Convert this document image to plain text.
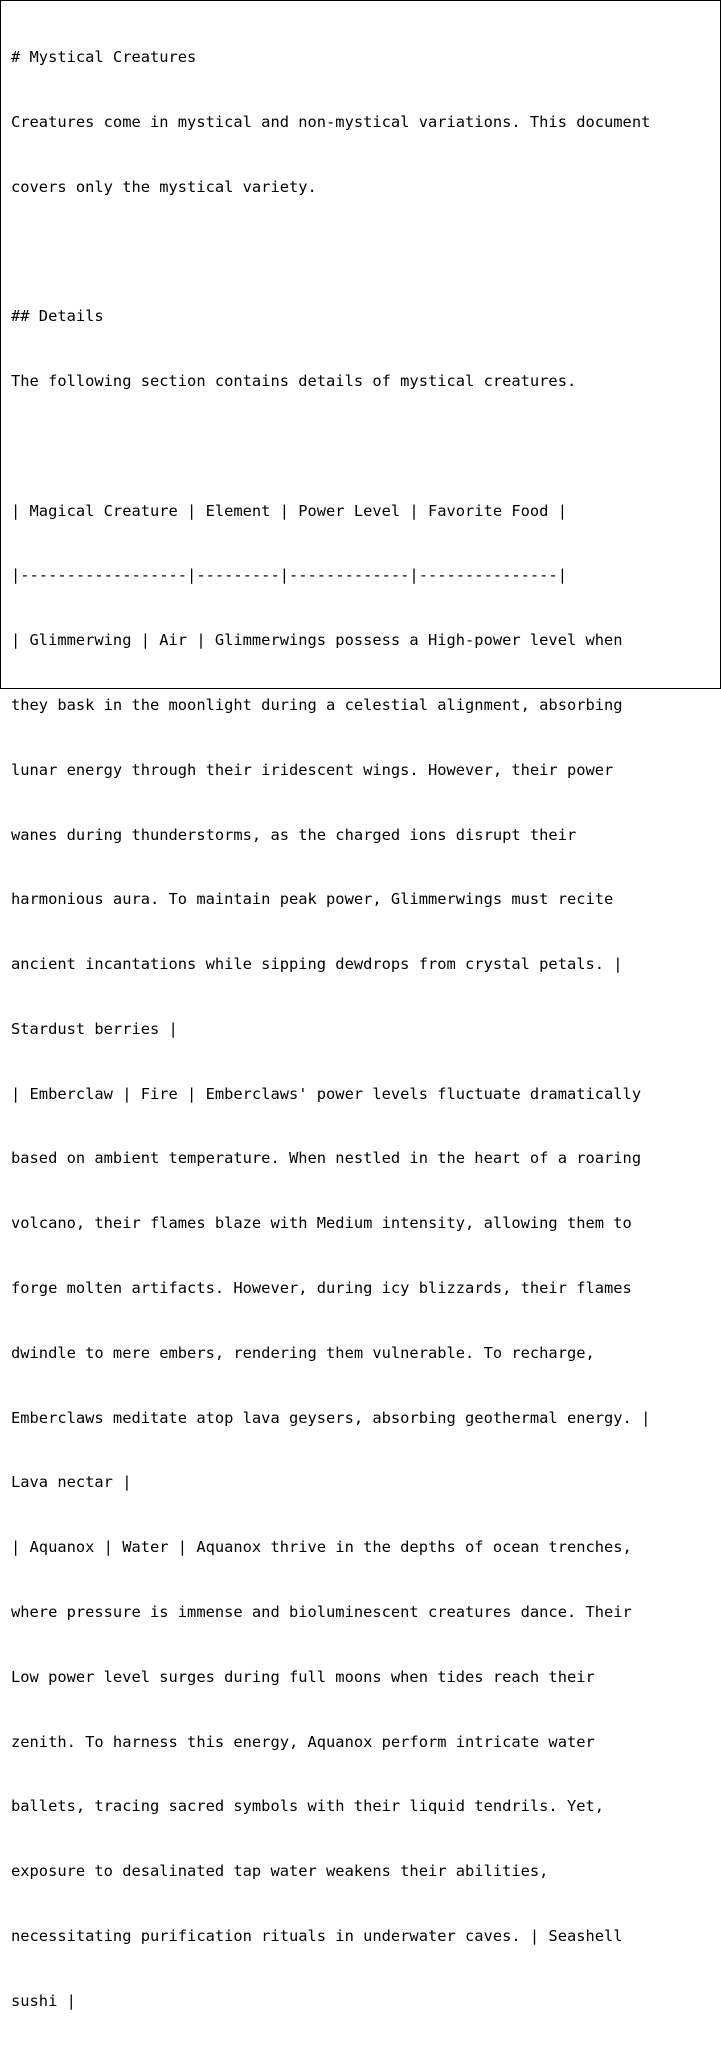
# Mystical Creatures

Creatures come in mystical and non-mystical variations. This document

covers only the mystical variety.

## Details

The following section contains details of mystical creatures.

| Magical Creature | Element | Power Level | Favorite Food |

|------------------|---------|-------------|---------------|

| Glimmerwing | Air | Glimmerwings possess a High-power level when

they bask in the moonlight during a celestial alignment, absorbing

lunar energy through their iridescent wings. However, their power

wanes during thunderstorms, as the charged ions disrupt their

harmonious aura. To maintain peak power, Glimmerwings must recite

ancient incantations while sipping dewdrops from crystal petals. |

Stardust berries |

| Emberclaw | Fire | Emberclaws' power levels fluctuate dramatically

based on ambient temperature. When nestled in the heart of a roaring

volcano, their flames blaze with Medium intensity, allowing them to

forge molten artifacts. However, during icy blizzards, their flames

dwindle to mere embers, rendering them vulnerable. To recharge,

Emberclaws meditate atop lava geysers, absorbing geothermal energy. |

Lava nectar |

| Aquanox | Water | Aquanox thrive in the depths of ocean trenches,

where pressure is immense and bioluminescent creatures dance. Their

Low power level surges during full moons when tides reach their

zenith. To harness this energy, Aquanox perform intricate water

ballets, tracing sacred symbols with their liquid tendrils. Yet,

exposure to desalinated tap water weakens their abilities,

necessitating purification rituals in underwater caves. | Seashell

sushi |
